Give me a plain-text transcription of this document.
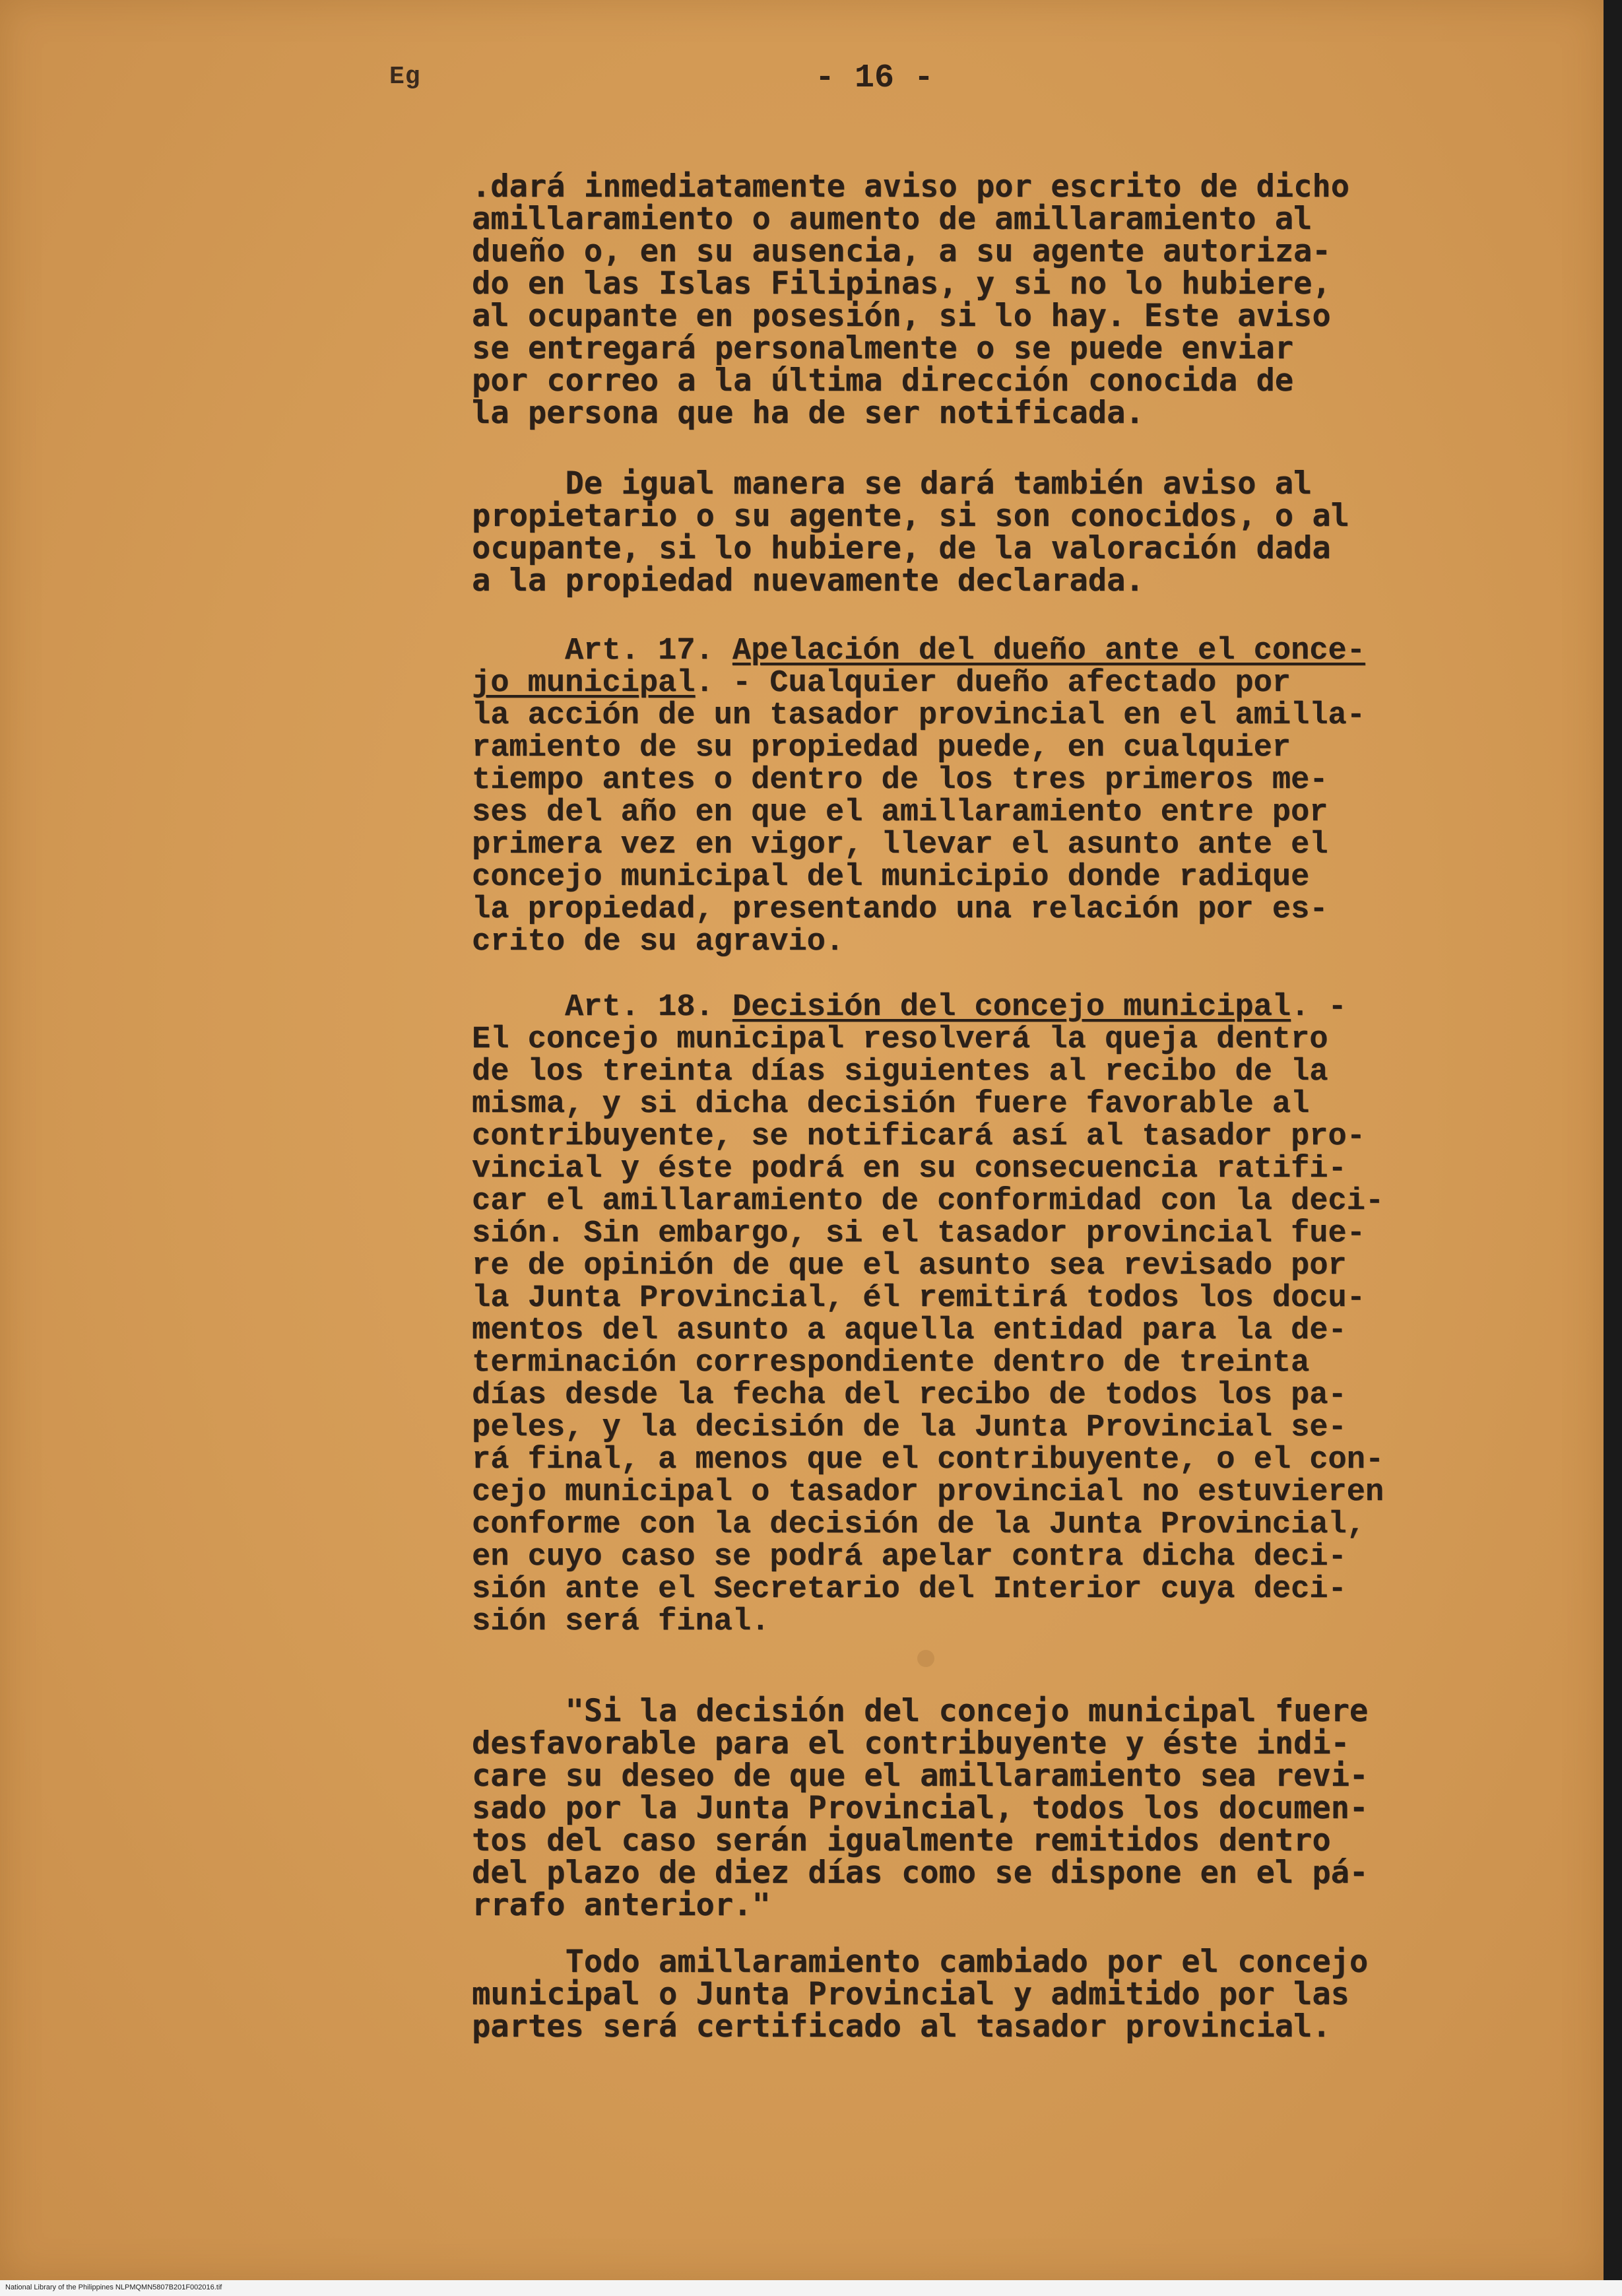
Eg	- 16 -
.dará inmediatamente aviso por escrito de dicho
amillaramiento o aumento de amillaramiento al
dueño o, en su ausencia, a su agente autoriza-
do en las Islas Filipinas, y si no lo hubiere,
al ocupante en posesión, si lo hay. Este aviso
se entregará personalmente o se puede enviar
por correo a la última dirección conocida de
la persona que ha de ser notificada.
De igual manera se dará también aviso al
propietario o su agente, si son conocidos, o al
ocupante, si lo hubiere, de la valoración dada
a la propiedad nuevamente declarada.
Art. 17. Apelación del dueño ante el conce-
jo municipal. - Cualquier dueño afectado por
la acción de un tasador provincial en el amilla-
ramiento de su propiedad puede, en cualquier
tiempo antes o dentro de los tres primeros me-
ses del año en que el amillaramiento entre por
primera vez en vigor, llevar el asunto ante el
concejo municipal del municipio donde radique
la propiedad, presentando una relación por es-
crito de su agravio.
Art. 18. Decisión del concejo municipal. -
El concejo municipal resolverá la queja dentro
de los treinta días siguientes al recibo de la
misma, y si dicha decisión fuere favorable al
contribuyente, se notificará así al tasador pro-
vincial y éste podrá en su consecuencia ratifi-
car el amillaramiento de conformidad con la deci-
sión. Sin embargo, si el tasador provincial fue-
re de opinión de que el asunto sea revisado por
la Junta Provincial, él remitirá todos los docu-
mentos del asunto a aquella entidad para la de-
terminación correspondiente dentro de treinta
días desde la fecha del recibo de todos los pa-
peles, y la decisión de la Junta Provincial se-
rá final, a menos que el contribuyente, o el con-
cejo municipal o tasador provincial no estuvieren
conforme con la decisión de la Junta Provincial,
en cuyo caso se podrá apelar contra dicha deci-
sión ante el Secretario del Interior cuya deci-
sión será final.
"Si la decisión del concejo municipal fuere
desfavorable para el contribuyente y éste indi-
care su deseo de que el amillaramiento sea revi-
sado por la Junta Provincial, todos los documen-
tos del caso serán igualmente remitidos dentro
del plazo de diez días como se dispone en el pá-
rrafo anterior."
Todo amillaramiento cambiado por el concejo
municipal o Junta Provincial y admitido por las
partes será certificado al tasador provincial.
National Library of the Philippines NLPMQMN5807B201F002016.tif
